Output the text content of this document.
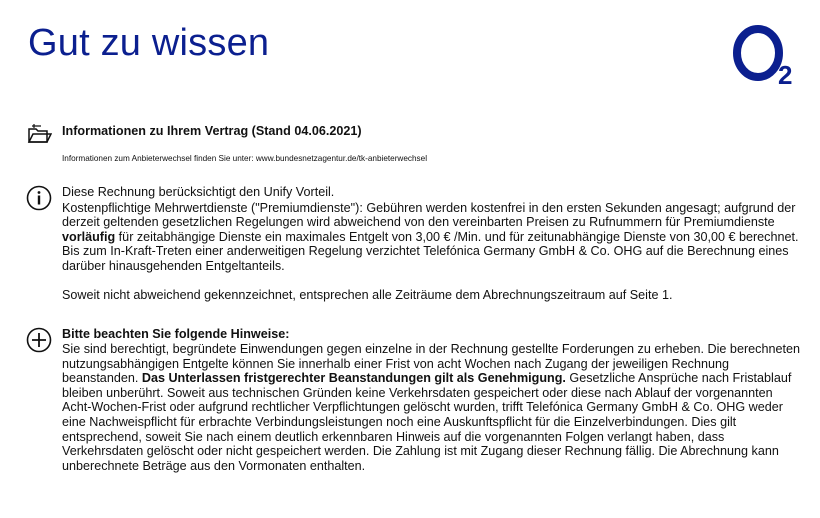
Gut zu wissen
2

Informationen zu Ihrem Vertrag (Stand 04.06.2021)

Informationen zum Anbieterwechsel finden Sie unter: www.bundesnetzagentur.de/tk-anbieterwechsel

Diese Rechnung berücksichtigt den Unify Vorteil.

Kostenpflichtige Mehrwertdienste ("Premiumdienste"): Gebühren werden kostenfrei in den ersten Sekunden angesagt; aufgrund der derzeit geltenden gesetzlichen Regelungen wird abweichend von den vereinbarten Preisen zu Rufnummern für Premiumdienste vorläufig für zeitabhängige Dienste ein maximales Entgelt von 3,00 € /Min. und für zeitunabhängige Dienste von 30,00 € berechnet. Bis zum In-Kraft-Treten einer anderweitigen Regelung verzichtet Telefónica Germany GmbH & Co. OHG auf die Berechnung eines darüber hinausgehenden Entgeltanteils.

Soweit nicht abweichend gekennzeichnet, entsprechen alle Zeiträume dem Abrechnungszeitraum auf Seite 1.

Bitte beachten Sie folgende Hinweise:

Sie sind berechtigt, begründete Einwendungen gegen einzelne in der Rechnung gestellte Forderungen zu erheben. Die berechneten nutzungsabhängigen Entgelte können Sie innerhalb einer Frist von acht Wochen nach Zugang der jeweiligen Rechnung beanstanden. Das Unterlassen fristgerechter Beanstandungen gilt als Genehmigung. Gesetzliche Ansprüche nach Fristablauf bleiben unberührt. Soweit aus technischen Gründen keine Verkehrsdaten gespeichert oder diese nach Ablauf der vorgenannten Acht-Wochen-Frist oder aufgrund rechtlicher Verpflichtungen gelöscht wurden, trifft Telefónica Germany GmbH & Co. OHG weder eine Nachweispflicht für erbrachte Verbindungsleistungen noch eine Auskunftspflicht für die Einzelverbindungen. Dies gilt entsprechend, soweit Sie nach einem deutlich erkennbaren Hinweis auf die vorgenannten Folgen verlangt haben, dass Verkehrsdaten gelöscht oder nicht gespeichert werden. Die Zahlung ist mit Zugang dieser Rechnung fällig. Die Abrechnung kann unberechnete Beträge aus den Vormonaten enthalten.
